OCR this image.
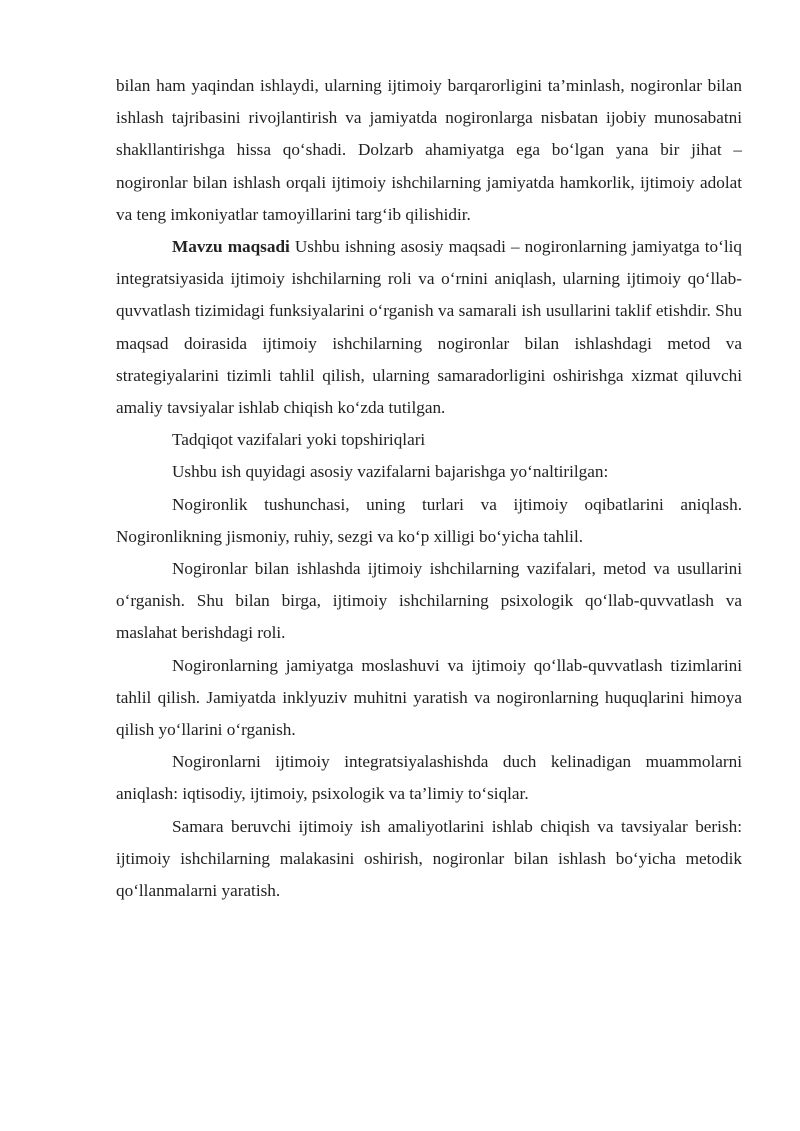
bilan ham yaqindan ishlaydi, ularning ijtimoiy barqarorligini ta’minlash, nogironlar bilan ishlash tajribasini rivojlantirish va jamiyatda nogironlarga nisbatan ijobiy munosabatni shakllantirishga hissa qo‘shadi. Dolzarb ahamiyatga ega bo‘lgan yana bir jihat – nogironlar bilan ishlash orqali ijtimoiy ishchilarning jamiyatda hamkorlik, ijtimoiy adolat va teng imkoniyatlar tamoyillarini targ‘ib qilishidir.

Mavzu maqsadi Ushbu ishning asosiy maqsadi – nogironlarning jamiyatga to‘liq integratsiyasida ijtimoiy ishchilarning roli va o‘rnini aniqlash, ularning ijtimoiy qo‘llab-quvvatlash tizimidagi funksiyalarini o‘rganish va samarali ish usullarini taklif etishdir. Shu maqsad doirasida ijtimoiy ishchilarning nogironlar bilan ishlashdagi metod va strategiyalarini tizimli tahlil qilish, ularning samaradorligini oshirishga xizmat qiluvchi amaliy tavsiyalar ishlab chiqish ko‘zda tutilgan.

Tadqiqot vazifalari yoki topshiriqlari

Ushbu ish quyidagi asosiy vazifalarni bajarishga yo‘naltirilgan:

Nogironlik tushunchasi, uning turlari va ijtimoiy oqibatlarini aniqlash. Nogironlikning jismoniy, ruhiy, sezgi va ko‘p xilligi bo‘yicha tahlil.

Nogironlar bilan ishlashda ijtimoiy ishchilarning vazifalari, metod va usullarini o‘rganish. Shu bilan birga, ijtimoiy ishchilarning psixologik qo‘llab-quvvatlash va maslahat berishdagi roli.

Nogironlarning jamiyatga moslashuvi va ijtimoiy qo‘llab-quvvatlash tizimlarini tahlil qilish. Jamiyatda inklyuziv muhitni yaratish va nogironlarning huquqlarini himoya qilish yo‘llarini o‘rganish.

Nogironlarni ijtimoiy integratsiyalashishda duch kelinadigan muammolarni aniqlash: iqtisodiy, ijtimoiy, psixologik va ta’limiy to‘siqlar.

Samara beruvchi ijtimoiy ish amaliyotlarini ishlab chiqish va tavsiyalar berish: ijtimoiy ishchilarning malakasini oshirish, nogironlar bilan ishlash bo‘yicha metodik qo‘llanmalarni yaratish.
